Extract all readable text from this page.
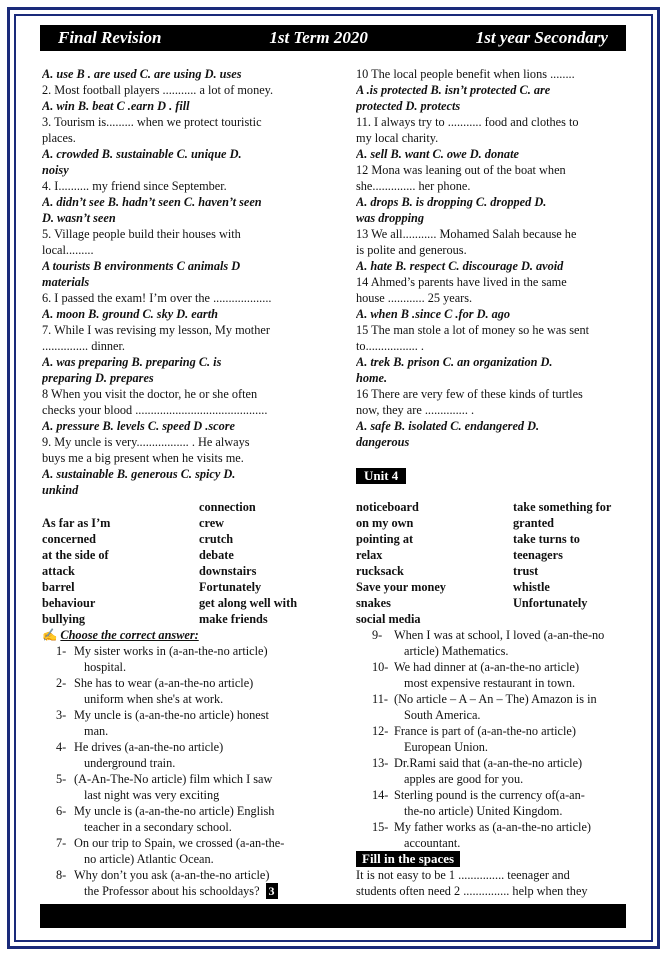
Final Revision	1st Term 2020	1st year Secondary
A. use B . are used C. are using D. uses
2. Most football players ........... a lot of money.
A. win B. beat C .earn D . fill
3. Tourism is......... when we protect touristic
places.
A. crowded B. sustainable C. unique D.
noisy
4. I.......... my friend since September.
A. didn’t see B. hadn’t seen C. haven’t seen
D. wasn’t seen
5. Village people build their houses with
local.........
A tourists B environments C animals D
materials
6. I passed the exam! I’m over the ...................
A. moon B. ground C. sky D. earth
7. While I was revising my lesson, My mother
............... dinner.
A. was preparing B. preparing C. is
preparing D. prepares
8 When you visit the doctor, he or she often
checks your blood ...........................................
A. pressure B. levels C. speed D .score
9. My uncle is very................. . He always
buys me a big present when he visits me.
A. sustainable B. generous C. spicy D.
unkind
10 The local people benefit when lions ........
A .is protected B. isn’t protected C. are
protected D. protects
11. I always try to ........... food and clothes to
my local charity.
A. sell B. want C. owe D. donate
12 Mona was leaning out of the boat when
she.............. her phone.
A. drops B. is dropping C. dropped D.
was dropping
13 We all........... Mohamed Salah because he
is polite and generous.
A. hate B. respect C. discourage D. avoid
14 Ahmed’s parents have lived in the same
house ............ 25 years.
A. when B .since C .for D. ago
15 The man stole a lot of money so he was sent
to................. .
A. trek B. prison C. an organization D.
home.
16 There are very few of these kinds of turtles
now, they are .............. .
A. safe B. isolated C. endangered D.
dangerous
Unit 4

As far as I’m
concerned
at the side of
attack
barrel
behaviour
bullying
connection
crew
crutch
debate
downstairs
Fortunately
get along well with
make friends
noticeboard
on my own
pointing at
relax
rucksack
Save your money
snakes
social media
take something for
granted
take turns to
teenagers
trust
whistle
Unfortunately

✍ Choose the correct answer:
1- My sister works in (a-an-the-no article)
hospital.
2- She has to wear (a-an-the-no article)
uniform when she's at work.
3- My uncle is (a-an-the-no article) honest
man.
4- He drives (a-an-the-no article)
underground train.
5- (A-An-The-No article) film which I saw
last night was very exciting
6- My uncle is (a-an-the-no article) English
teacher in a secondary school.
7- On our trip to Spain, we crossed (a-an-the-
no article) Atlantic Ocean.
8- Why don’t you ask (a-an-the-no article)
the Professor about his schooldays? 3
9- When I was at school, I loved (a-an-the-no
article) Mathematics.
10- We had dinner at (a-an-the-no article)
most expensive restaurant in town.
11- (No article – A – An – The) Amazon is in
South America.
12- France is part of (a-an-the-no article)
European Union.
13- Dr.Rami said that (a-an-the-no article)
apples are good for you.
14- Sterling pound is the currency of(a-an-
the-no article) United Kingdom.
15- My father works as (a-an-the-no article)
accountant.
Fill in the spaces
It is not easy to be 1 ............... teenager and
students often need 2 ............... help when they
